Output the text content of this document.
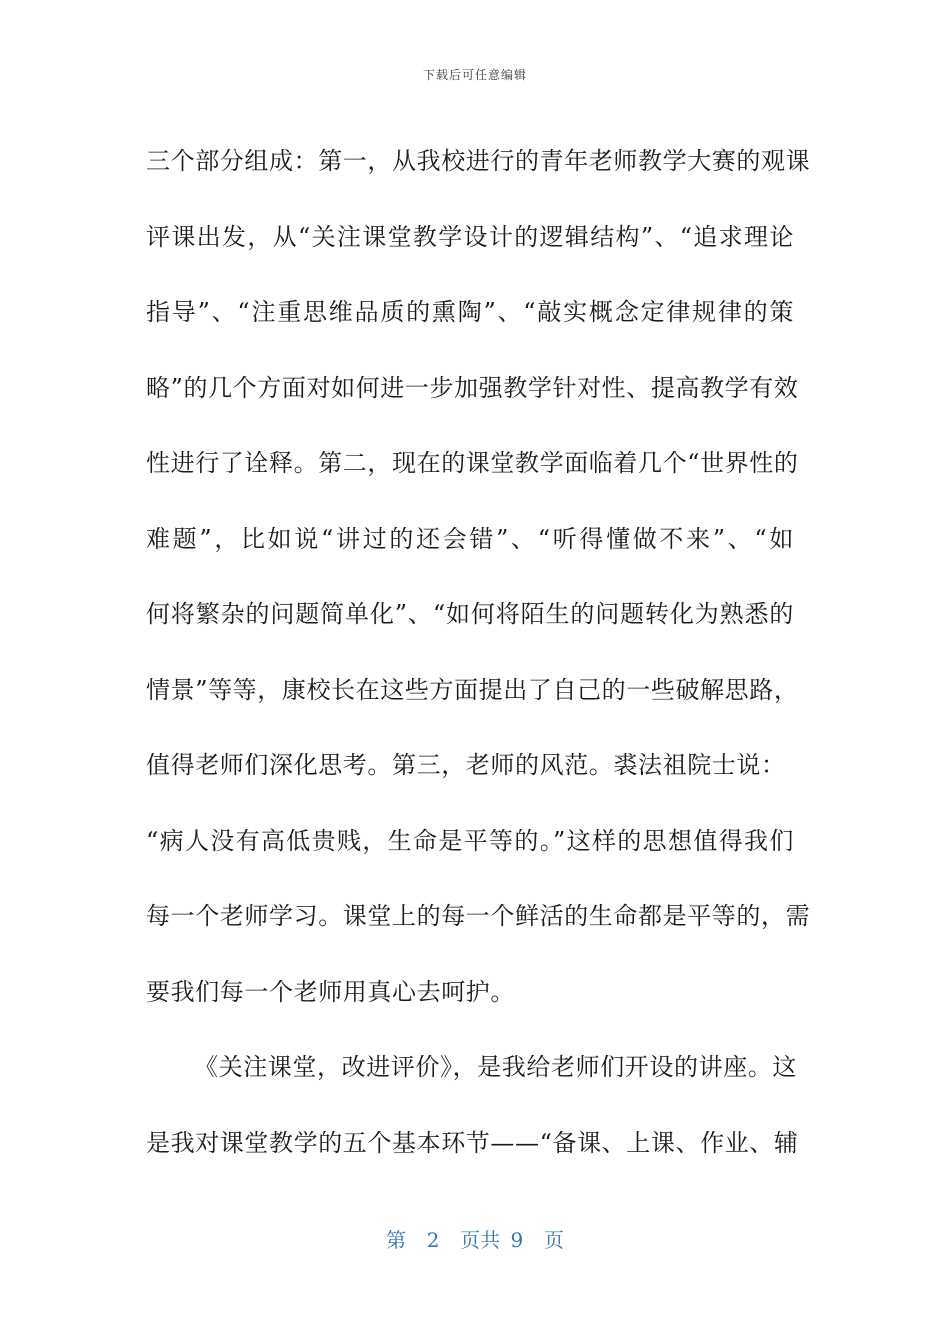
下载后可任意编辑
三个部分组成：第一，从我校进行的青年老师教学大赛的观课
评课出发，从“关注课堂教学设计的逻辑结构”、“追求理论
指导”、“注重思维品质的熏陶”、“敲实概念定律规律的策
略”的几个方面对如何进一步加强教学针对性、提高教学有效
性进行了诠释。第二，现在的课堂教学面临着几个“世界性的
难题”，比如说“讲过的还会错”、“听得懂做不来”、“如
何将繁杂的问题简单化”、“如何将陌生的问题转化为熟悉的
情景”等等，康校长在这些方面提出了自己的一些破解思路，
值得老师们深化思考。第三，老师的风范。裘法祖院士说：
“病人没有高低贵贱，生命是平等的。”这样的思想值得我们
每一个老师学习。课堂上的每一个鲜活的生命都是平等的，需
要我们每一个老师用真心去呵护。
《关注课堂，改进评价》，是我给老师们开设的讲座。这
是我对课堂教学的五个基本环节——“备课、上课、作业、辅
第 2 页共 9 页
